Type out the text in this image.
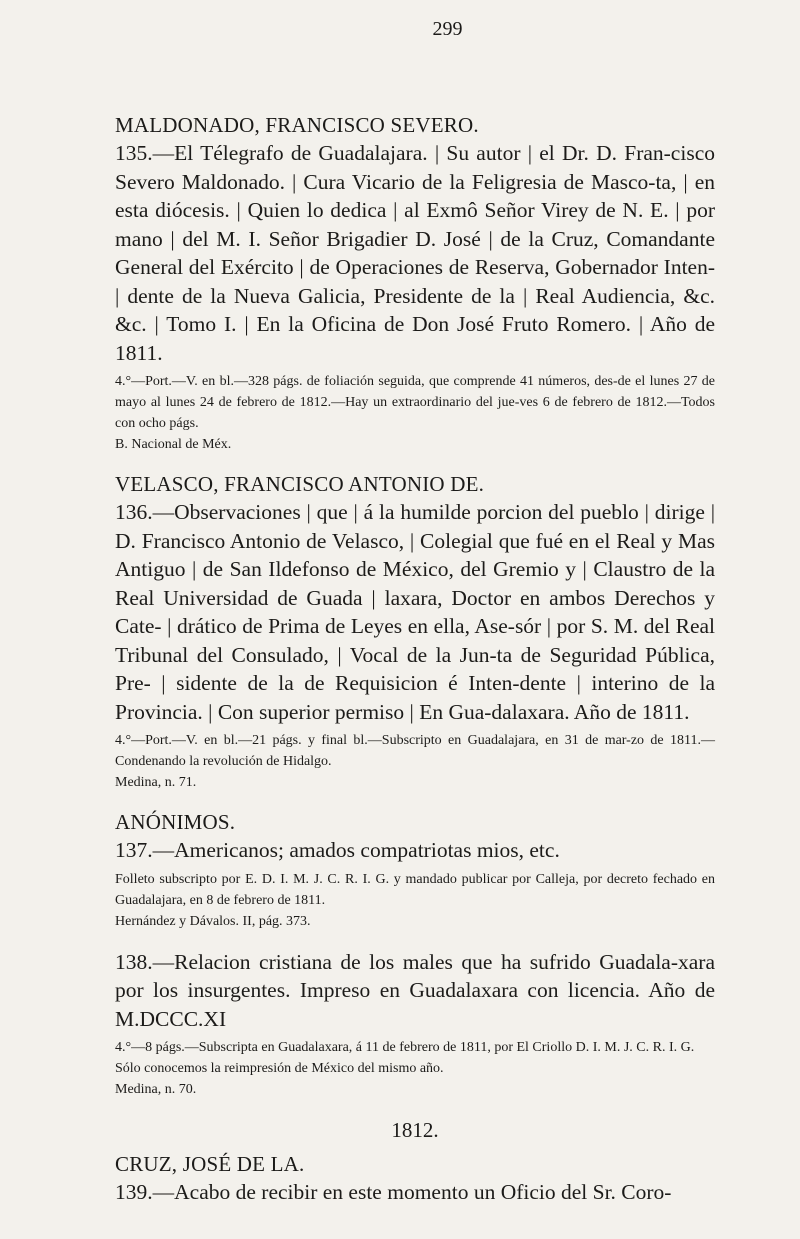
299

MALDONADO, FRANCISCO SEVERO.

135.—El Télegrafo de Guadalajara. | Su autor | el Dr. D. Fran-cisco Severo Maldonado. | Cura Vicario de la Feligresia de Masco-ta, | en esta diócesis. | Quien lo dedica | al Exmô Señor Virey de N. E. | por mano | del M. I. Señor Brigadier D. José | de la Cruz, Comandante General del Exército | de Operaciones de Reserva, Gobernador Inten- | dente de la Nueva Galicia, Presidente de la | Real Audiencia, &c. &c. | Tomo I. | En la Oficina de Don José Fruto Romero. | Año de 1811.

4.°—Port.—V. en bl.—328 págs. de foliación seguida, que comprende 41 números, des-de el lunes 27 de mayo al lunes 24 de febrero de 1812.—Hay un extraordinario del jue-ves 6 de febrero de 1812.—Todos con ocho págs.

B. Nacional de Méx.

VELASCO, FRANCISCO ANTONIO DE.

136.—Observaciones | que | á la humilde porcion del pueblo | dirige | D. Francisco Antonio de Velasco, | Colegial que fué en el Real y Mas Antiguo | de San Ildefonso de México, del Gremio y | Claustro de la Real Universidad de Guada | laxara, Doctor en ambos Derechos y Cate- | drático de Prima de Leyes en ella, Ase-sór | por S. M. del Real Tribunal del Consulado, | Vocal de la Jun-ta de Seguridad Pública, Pre- | sidente de la de Requisicion é Inten-dente | interino de la Provincia. | Con superior permiso | En Gua-dalaxara. Año de 1811.

4.°—Port.—V. en bl.—21 págs. y final bl.—Subscripto en Guadalajara, en 31 de mar-zo de 1811.—Condenando la revolución de Hidalgo.

Medina, n. 71.

ANÓNIMOS.

137.—Americanos; amados compatriotas mios, etc.

Folleto subscripto por E. D. I. M. J. C. R. I. G. y mandado publicar por Calleja, por decreto fechado en Guadalajara, en 8 de febrero de 1811.

Hernández y Dávalos. II, pág. 373.

138.—Relacion cristiana de los males que ha sufrido Guadala-xara por los insurgentes. Impreso en Guadalaxara con licencia. Año de M.DCCC.XI

4.°—8 págs.—Subscripta en Guadalaxara, á 11 de febrero de 1811, por El Criollo D. I. M. J. C. R. I. G.

Sólo conocemos la reimpresión de México del mismo año.

Medina, n. 70.

1812.

CRUZ, JOSÉ DE LA.

139.—Acabo de recibir en este momento un Oficio del Sr. Coro-
